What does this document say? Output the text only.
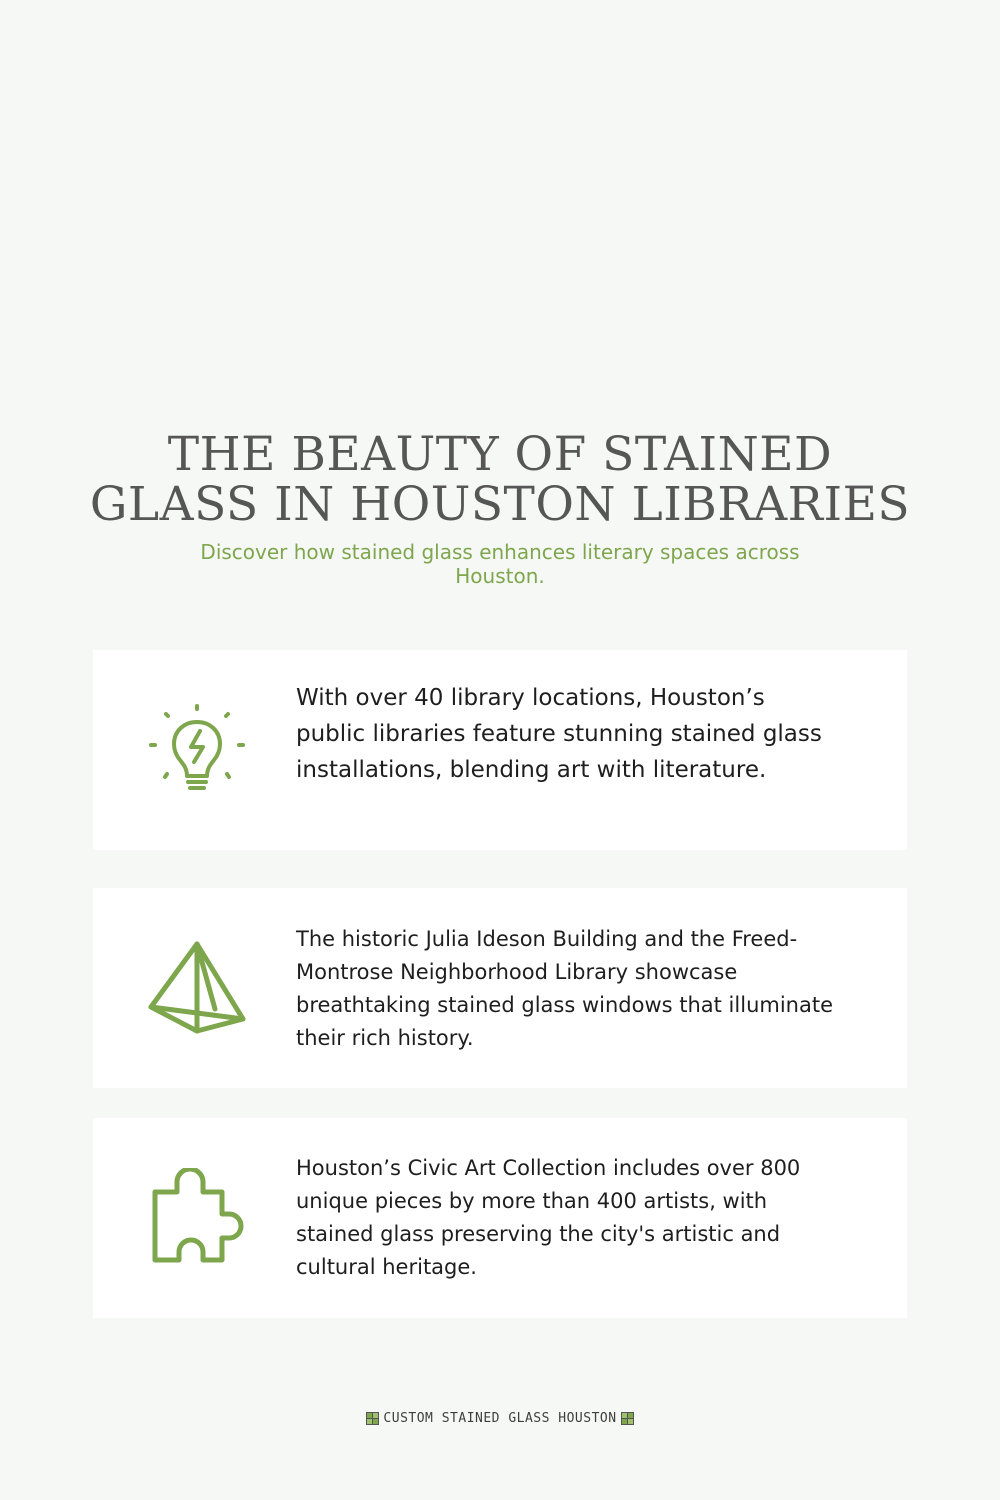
THE BEAUTY OF STAINED
GLASS IN HOUSTON LIBRARIES

Discover how stained glass enhances literary spaces across Houston.

With over 40 library locations, Houston’s public libraries feature stunning stained glass installations, blending art with literature.

The historic Julia Ideson Building and the Freed-Montrose Neighborhood Library showcase breathtaking stained glass windows that illuminate their rich history.

Houston’s Civic Art Collection includes over 800 unique pieces by more than 400 artists, with stained glass preserving the city's artistic and cultural heritage.

CUSTOM STAINED GLASS HOUSTON
